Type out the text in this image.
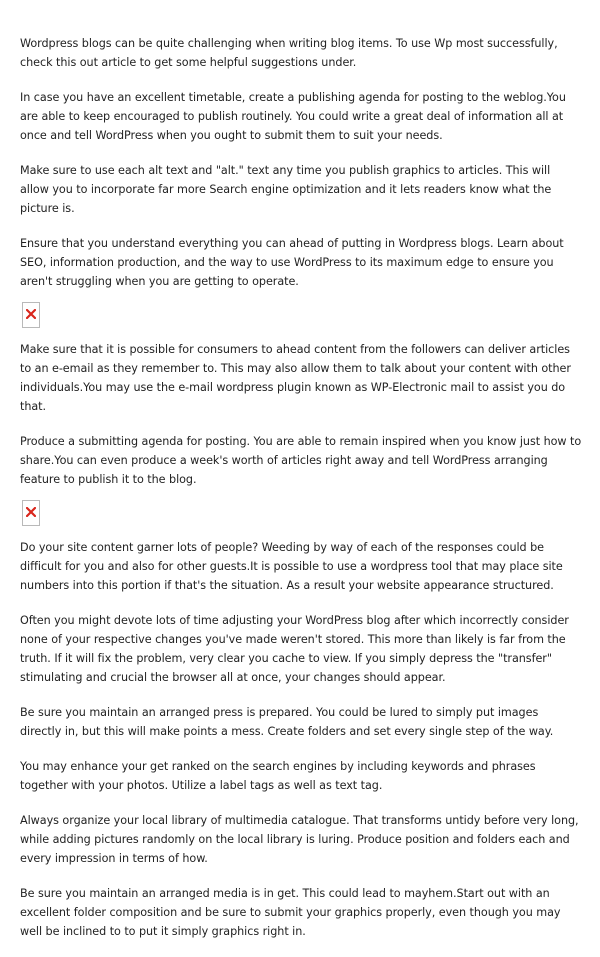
Wordpress blogs can be quite challenging when writing blog items. To use Wp most successfully, check this out article to get some helpful suggestions under.

In case you have an excellent timetable, create a publishing agenda for posting to the weblog.You are able to keep encouraged to publish routinely. You could write a great deal of information all at once and tell WordPress when you ought to submit them to suit your needs.

Make sure to use each alt text and "alt." text any time you publish graphics to articles. This will allow you to incorporate far more Search engine optimization and it lets readers know what the picture is.

Ensure that you understand everything you can ahead of putting in Wordpress blogs. Learn about SEO, information production, and the way to use WordPress to its maximum edge to ensure you aren't struggling when you are getting to operate.

Make sure that it is possible for consumers to ahead content from the followers can deliver articles to an e-email as they remember to. This may also allow them to talk about your content with other individuals.You may use the e-mail wordpress plugin known as WP-Electronic mail to assist you do that.

Produce a submitting agenda for posting. You are able to remain inspired when you know just how to share.You can even produce a week's worth of articles right away and tell WordPress arranging feature to publish it to the blog.

Do your site content garner lots of people? Weeding by way of each of the responses could be difficult for you and also for other guests.It is possible to use a wordpress tool that may place site numbers into this portion if that's the situation. As a result your website appearance structured.

Often you might devote lots of time adjusting your WordPress blog after which incorrectly consider none of your respective changes you've made weren't stored. This more than likely is far from the truth. If it will fix the problem, very clear you cache to view. If you simply depress the "transfer" stimulating and crucial the browser all at once, your changes should appear.

Be sure you maintain an arranged press is prepared. You could be lured to simply put images directly in, but this will make points a mess. Create folders and set every single step of the way.

You may enhance your get ranked on the search engines by including keywords and phrases together with your photos. Utilize a label tags as well as text tag.

Always organize your local library of multimedia catalogue. That transforms untidy before very long, while adding pictures randomly on the local library is luring. Produce position and folders each and every impression in terms of how.

Be sure you maintain an arranged media is in get. This could lead to mayhem.Start out with an excellent folder composition and be sure to submit your graphics properly, even though you may well be inclined to to put it simply graphics right in.
